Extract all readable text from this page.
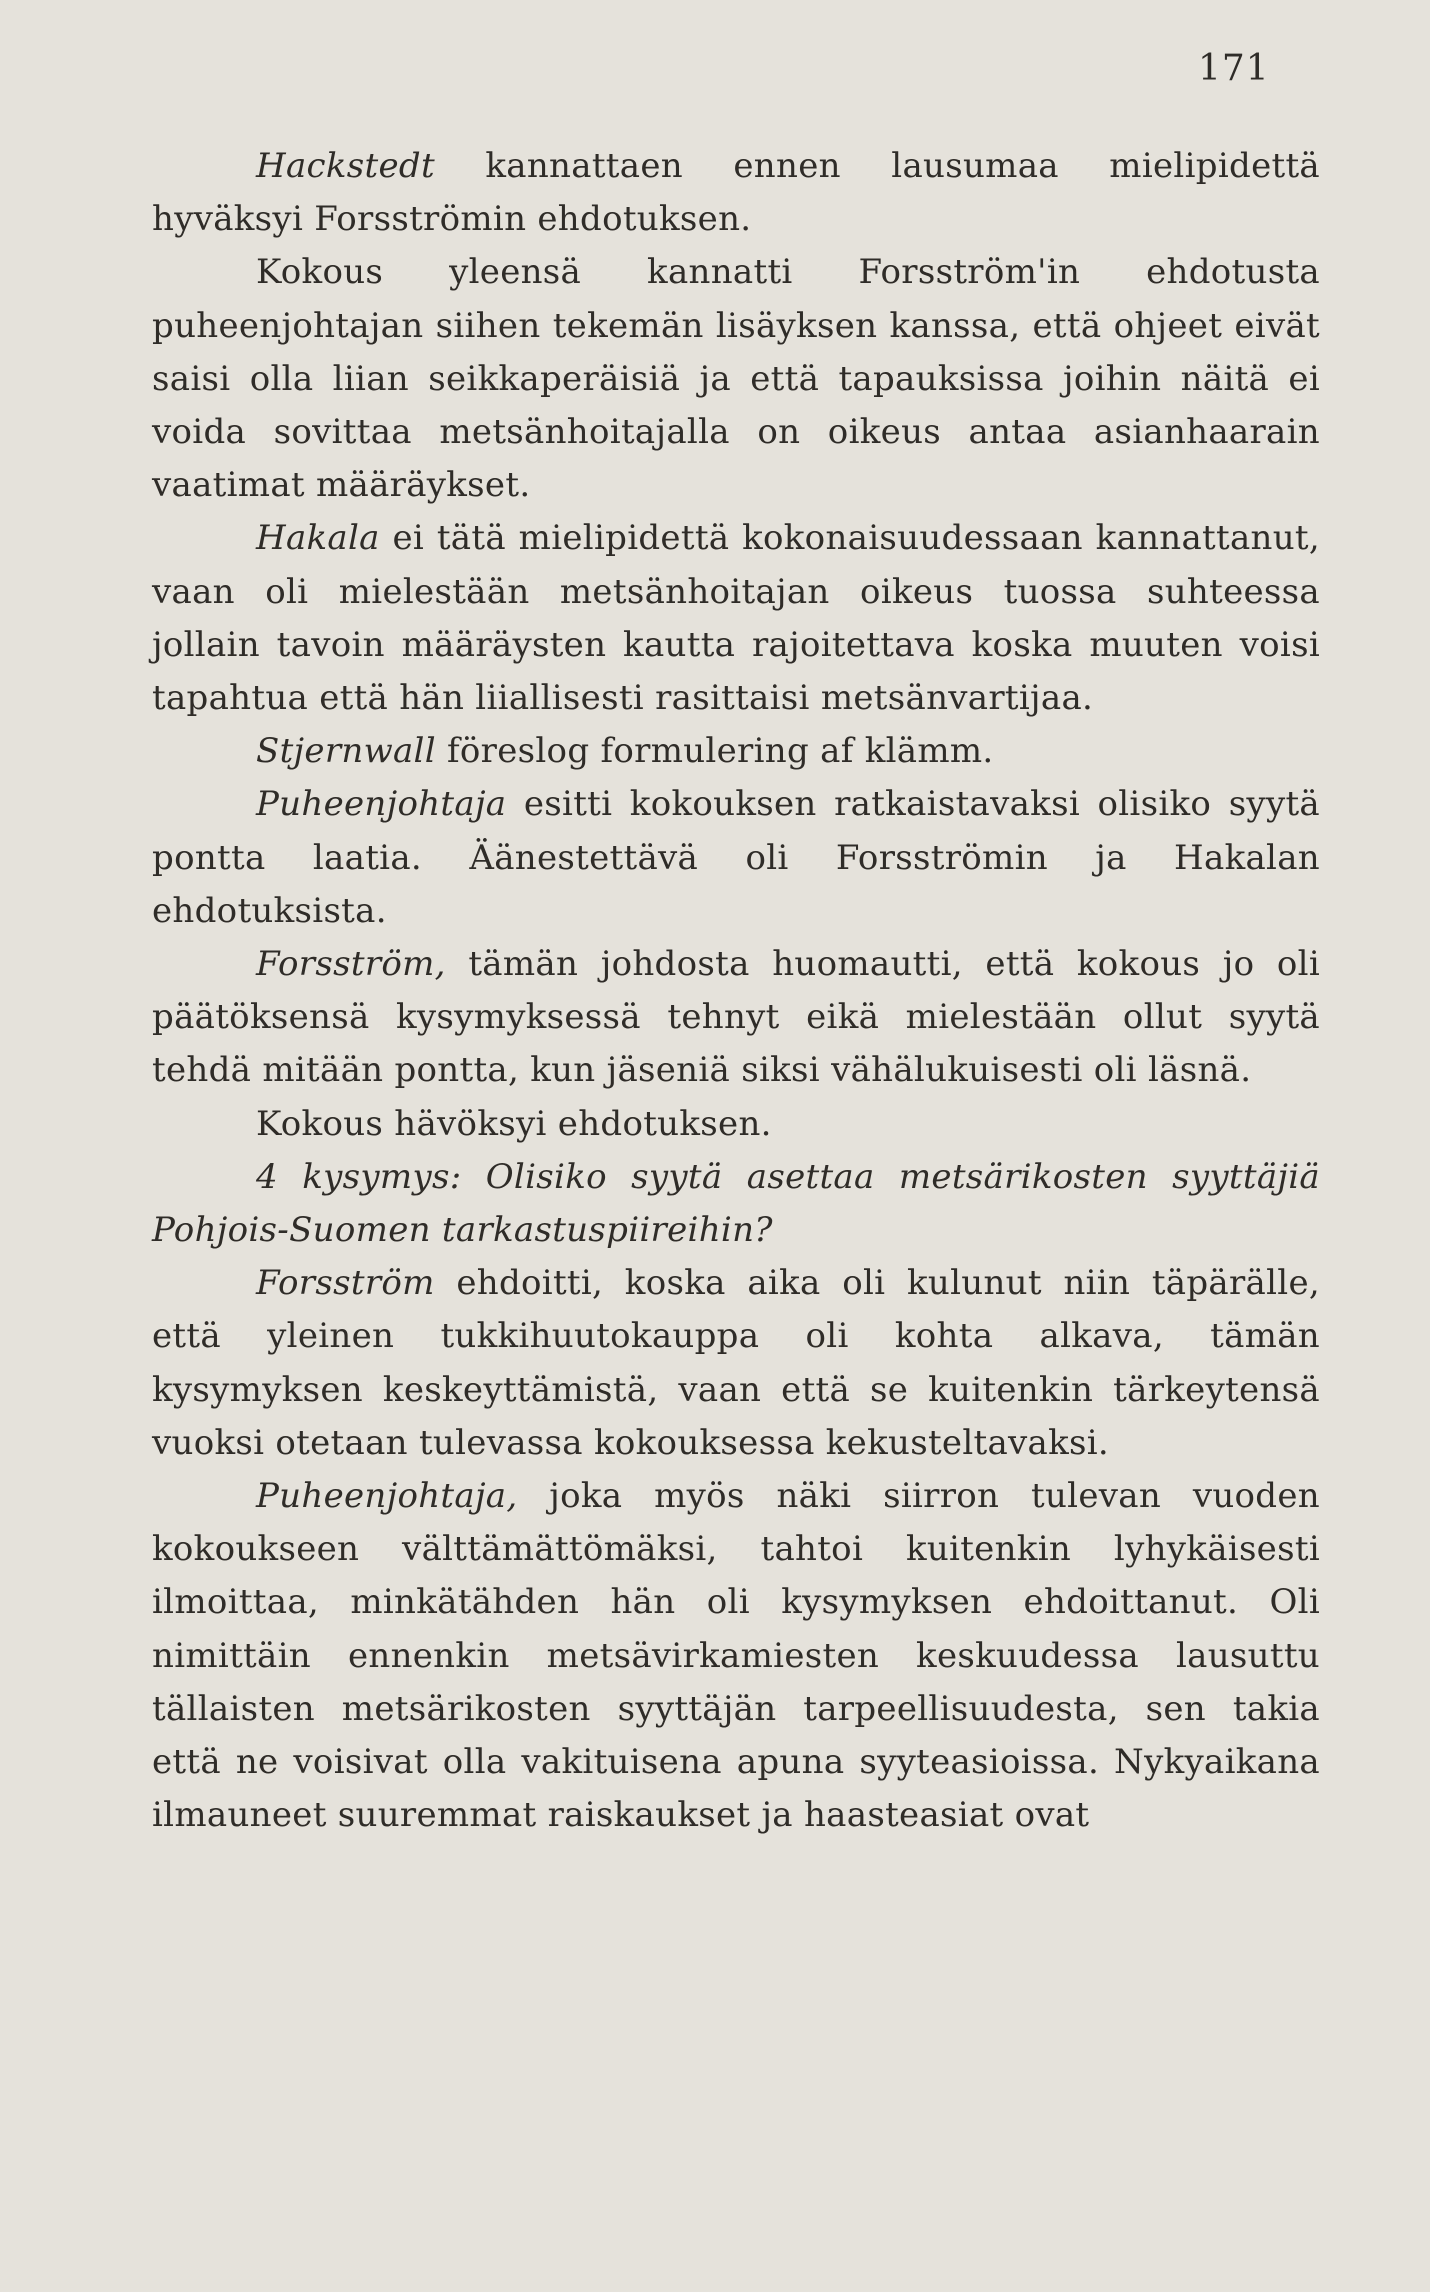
171

Hackstedt kannattaen ennen lausumaa mielipidettä hyväksyi Forsströmin ehdotuksen.

Kokous yleensä kannatti Forsström'in ehdotusta puheenjohtajan siihen tekemän lisäyksen kanssa, että ohjeet eivät saisi olla liian seikkaperäisiä ja että tapauksissa joihin näitä ei voida sovittaa metsänhoitajalla on oikeus antaa asianhaarain vaatimat määräykset.

Hakala ei tätä mielipidettä kokonaisuudessaan kannattanut, vaan oli mielestään metsänhoitajan oikeus tuossa suhteessa jollain tavoin määräysten kautta rajoitettava koska muuten voisi tapahtua että hän liiallisesti rasittaisi metsänvartijaa.

Stjernwall föreslog formulering af klämm.

Puheenjohtaja esitti kokouksen ratkaistavaksi olisiko syytä pontta laatia. Äänestettävä oli Forsströmin ja Hakalan ehdotuksista.

Forsström, tämän johdosta huomautti, että kokous jo oli päätöksensä kysymyksessä tehnyt eikä mielestään ollut syytä tehdä mitään pontta, kun jäseniä siksi vähälukuisesti oli läsnä.

Kokous hävöksyi ehdotuksen.

4 kysymys: Olisiko syytä asettaa metsärikosten syyttäjiä Pohjois-Suomen tarkastuspiireihin?

Forsström ehdoitti, koska aika oli kulunut niin täpärälle, että yleinen tukkihuutokauppa oli kohta alkava, tämän kysymyksen keskeyttämistä, vaan että se kuitenkin tärkeytensä vuoksi otetaan tulevassa kokouksessa kekusteltavaksi.

Puheenjohtaja, joka myös näki siirron tulevan vuoden kokoukseen välttämättömäksi, tahtoi kuitenkin lyhykäisesti ilmoittaa, minkätähden hän oli kysymyksen ehdoittanut. Oli nimittäin ennenkin metsävirkamiesten keskuudessa lausuttu tällaisten metsärikosten syyttäjän tarpeellisuudesta, sen takia että ne voisivat olla vakituisena apuna syyteasioissa. Nykyaikana ilmauneet suuremmat raiskaukset ja haasteasiat ovat
